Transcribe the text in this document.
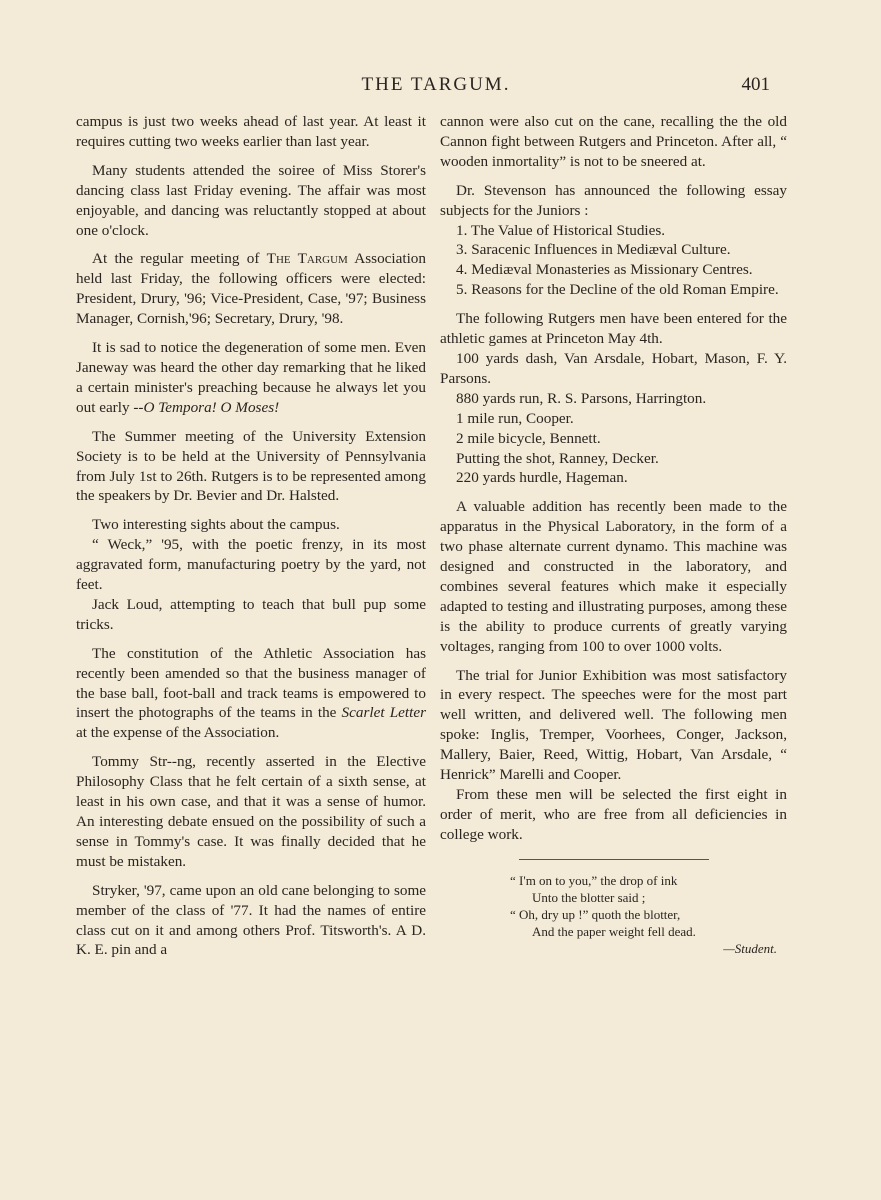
THE TARGUM.	401

campus is just two weeks ahead of last year. At least it requires cutting two weeks earlier than last year.

Many students attended the soiree of Miss Storer's dancing class last Friday evening. The affair was most enjoyable, and dancing was reluctantly stopped at about one o'clock.

At the regular meeting of The Targum Association held last Friday, the following officers were elected: President, Drury, '96; Vice-President, Case, '97; Business Manager, Cornish,'96; Secretary, Drury, '98.

It is sad to notice the degeneration of some men. Even Janeway was heard the other day remarking that he liked a certain minister's preaching because he always let you out early --O Tempora! O Moses!

The Summer meeting of the University Extension Society is to be held at the University of Pennsylvania from July 1st to 26th. Rutgers is to be represented among the speakers by Dr. Bevier and Dr. Halsted.

Two interesting sights about the campus.

“ Weck,” '95, with the poetic frenzy, in its most aggravated form, manufacturing poetry by the yard, not feet.

Jack Loud, attempting to teach that bull pup some tricks.

The constitution of the Athletic Association has recently been amended so that the business manager of the base ball, foot-ball and track teams is empowered to insert the photographs of the teams in the Scarlet Letter at the expense of the Association.

Tommy Str--ng, recently asserted in the Elective Philosophy Class that he felt certain of a sixth sense, at least in his own case, and that it was a sense of humor. An interesting debate ensued on the possibility of such a sense in Tommy's case. It was finally decided that he must be mistaken.

Stryker, '97, came upon an old cane belonging to some member of the class of '77. It had the names of entire class cut on it and among others Prof. Titsworth's. A D. K. E. pin and a

cannon were also cut on the cane, recalling the the old Cannon fight between Rutgers and Princeton. After all, “ wooden inmortality” is not to be sneered at.

Dr. Stevenson has announced the following essay subjects for the Juniors :

1. The Value of Historical Studies.

3. Saracenic Influences in Mediæval Culture.

4. Mediæval Monasteries as Missionary Centres.

5. Reasons for the Decline of the old Roman Empire.

The following Rutgers men have been entered for the athletic games at Princeton May 4th.

100 yards dash, Van Arsdale, Hobart, Mason, F. Y. Parsons.

880 yards run, R. S. Parsons, Harrington.

1 mile run, Cooper.

2 mile bicycle, Bennett.

Putting the shot, Ranney, Decker.

220 yards hurdle, Hageman.

A valuable addition has recently been made to the apparatus in the Physical Laboratory, in the form of a two phase alternate current dynamo. This machine was designed and constructed in the laboratory, and combines several features which make it especially adapted to testing and illustrating purposes, among these is the ability to produce currents of greatly varying voltages, ranging from 100 to over 1000 volts.

The trial for Junior Exhibition was most satisfactory in every respect. The speeches were for the most part well written, and delivered well. The following men spoke: Inglis, Tremper, Voorhees, Conger, Jackson, Mallery, Baier, Reed, Wittig, Hobart, Van Arsdale, “ Henrick” Marelli and Cooper.

From these men will be selected the first eight in order of merit, who are free from all deficiencies in college work.

“ I'm on to you,” the drop of ink
Unto the blotter said ;
“ Oh, dry up !” quoth the blotter,
And the paper weight fell dead.
—Student.
